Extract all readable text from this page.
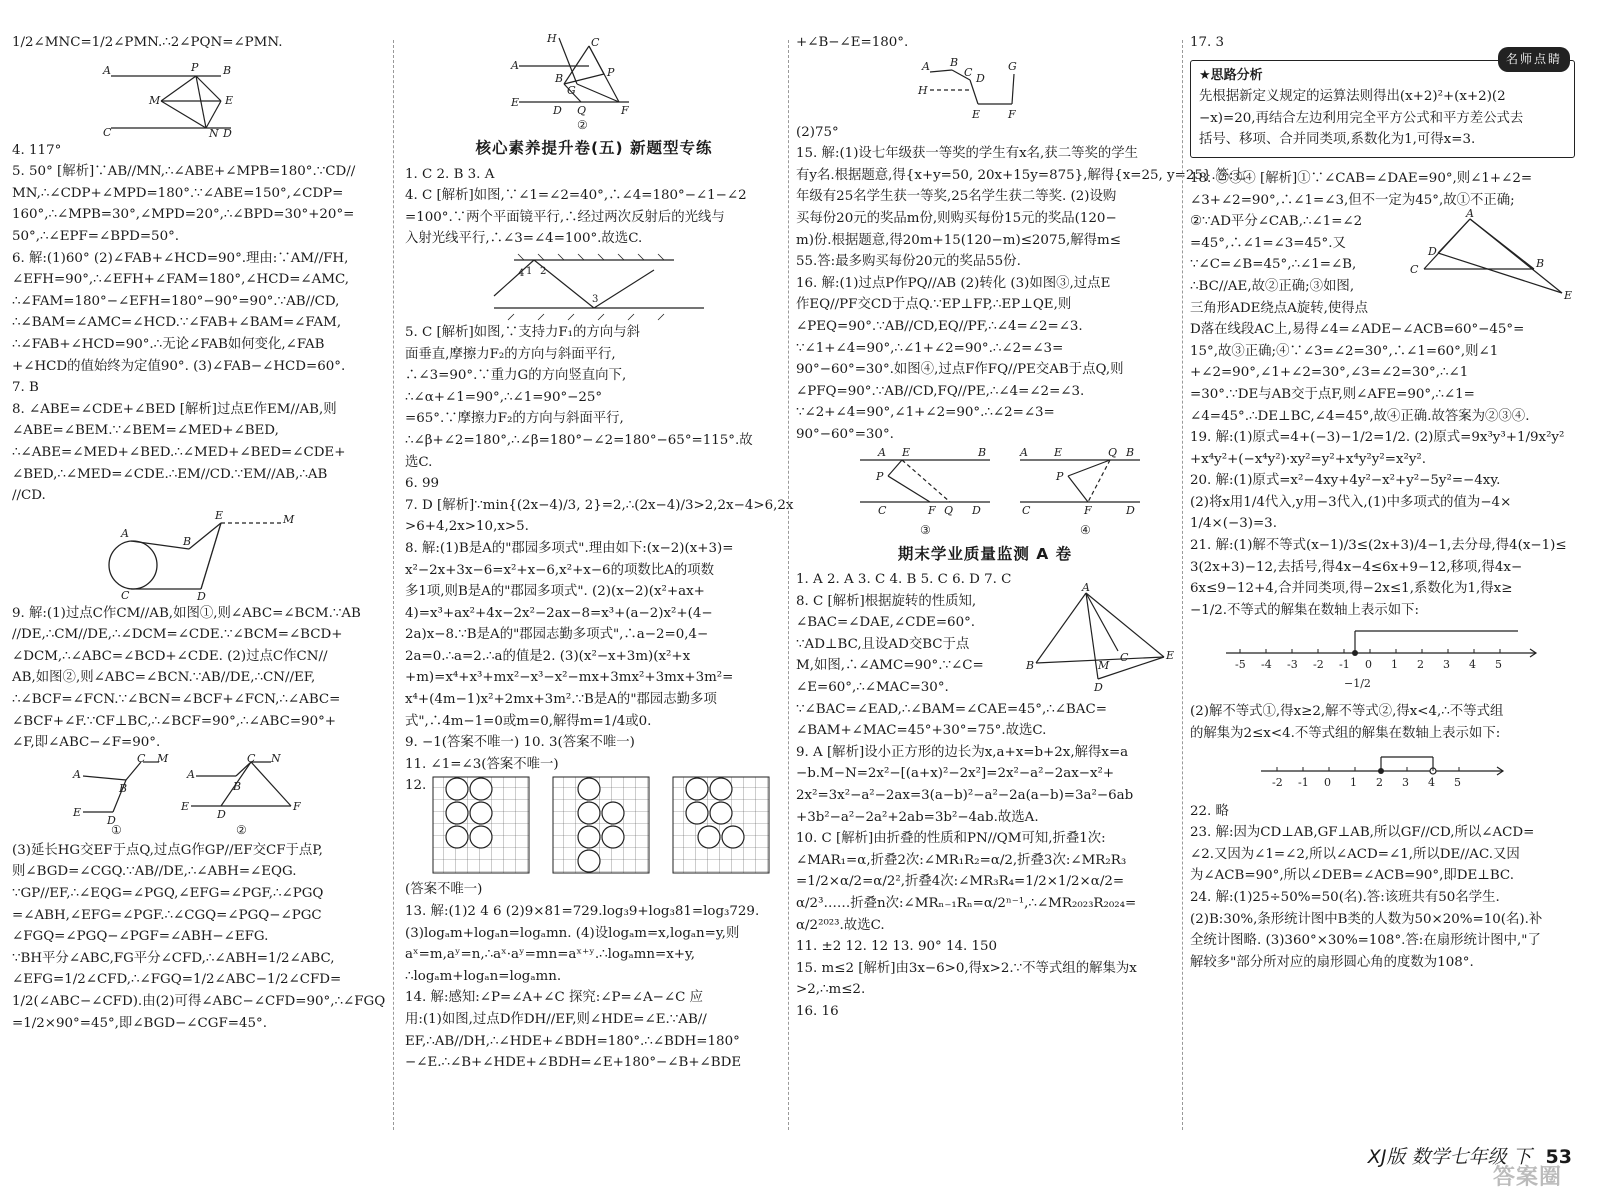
1/2∠MNC=1/2∠PMN.∴2∠PQN=∠PMN.
A	B
P
M	E
C	N D
4. 117°
5. 50° [解析]∵AB//MN,∴∠ABE+∠MPB=180°.∵CD//
MN,∴∠CDP+∠MPD=180°.∵∠ABE=150°,∠CDP=
160°,∴∠MPB=30°,∠MPD=20°,∴∠BPD=30°+20°=
50°,∴∠EPF=∠BPD=50°.
6. 解:(1)60° (2)∠FAB+∠HCD=90°.理由:∵AM//FH,
∠EFH=90°,∴∠EFH+∠FAM=180°,∠HCD=∠AMC,
∴∠FAM=180°−∠EFH=180°−90°=90°.∵AB//CD,
∴∠BAM=∠AMC=∠HCD.∵∠FAB+∠BAM=∠FAM,
∴∠FAB+∠HCD=90°.∴无论∠FAB如何变化,∠FAB
+∠HCD的值始终为定值90°. (3)∠FAB−∠HCD=60°.
7. B
8. ∠ABE=∠CDE+∠BED [解析]过点E作EM//AB,则
∠ABE=∠BEM.∵∠BEM=∠MED+∠BED,
∴∠ABE=∠MED+∠BED.∴∠MED+∠BED=∠CDE+
∠BED,∴∠MED=∠CDE.∴EM//CD.∵EM//AB,∴AB
//CD.
A
B
E	M
C	D
9. 解:(1)过点C作CM//AB,如图①,则∠ABC=∠BCM.∵AB
//DE,∴CM//DE,∴∠DCM=∠CDE.∵∠BCM=∠BCD+
∠DCM,∴∠ABC=∠BCD+∠CDE. (2)过点C作CN//
AB,如图②,则∠ABC=∠BCN.∵AB//DE,∴CN//EF,
∴∠BCF=∠FCN.∵∠BCN=∠BCF+∠FCN,∴∠ABC=
∠BCF+∠F.∵CF⊥BC,∴∠BCF=90°,∴∠ABC=90°+
∠F,即∠ABC−∠F=90°.
A
B
C M
E
D
A
B
C N
E
D
F
①	②
(3)延长HG交EF于点Q,过点G作GP//EF交CF于点P,
则∠BGD=∠CGQ.∵AB//DE,∴∠ABH=∠EQG.
∵GP//EF,∴∠EQG=∠PGQ,∠EFG=∠PGF,∴∠PGQ
=∠ABH,∠EFG=∠PGF.∴∠CGQ=∠PGQ−∠PGC
∠FGQ=∠PGQ−∠PGF=∠ABH−∠EFG.
∵BH平分∠ABC,FG平分∠CFD,∴∠ABH=1/2∠ABC,
∠EFG=1/2∠CFD,∴∠FGQ=1/2∠ABC−1/2∠CFD=
1/2(∠ABC−∠CFD).由(2)可得∠ABC−∠CFD=90°,∴∠FGQ
=1/2×90°=45°,即∠BGD−∠CGF=45°.
H
A
C
B	P
G
E
D Q	F
②
核心素养提升卷(五) 新题型专练
1. C 2. B 3. A
4. C [解析]如图,∵∠1=∠2=40°,∴∠4=180°−∠1−∠2
=100°.∵两个平面镜平行,∴经过两次反射后的光线与
入射光线平行,∴∠3=∠4=100°.故选C.
4 1 2
3
5. C [解析]如图,∵支持力F₁的方向与斜
面垂直,摩擦力F₂的方向与斜面平行,
∴∠3=90°.∵重力G的方向竖直向下,
∴∠α+∠1=90°,∴∠1=90°−25°
=65°.∵摩擦力F₂的方向与斜面平行,
∴∠β+∠2=180°,∴∠β=180°−∠2=180°−65°=115°.故
选C.
6. 99
7. D [解析]∵min{(2x−4)/3, 2}=2,∴(2x−4)/3>2,2x−4>6,2x
>6+4,2x>10,x>5.
8. 解:(1)B是A的"郡园多项式".理由如下:(x−2)(x+3)=
x²−2x+3x−6=x²+x−6,x²+x−6的项数比A的项数
多1项,则B是A的"郡园多项式". (2)(x−2)(x²+ax+
4)=x³+ax²+4x−2x²−2ax−8=x³+(a−2)x²+(4−
2a)x−8.∵B是A的"郡园志勤多项式",∴a−2=0,4−
2a=0.∴a=2.∴a的值是2. (3)(x²−x+3m)(x²+x
+m)=x⁴+x³+mx²−x³−x²−mx+3mx²+3mx+3m²=
x⁴+(4m−1)x²+2mx+3m².∵B是A的"郡园志勤多项
式",∴4m−1=0或m=0,解得m=1/4或0.
9. −1(答案不唯一) 10. 3(答案不唯一)
11. ∠1=∠3(答案不唯一)
12.
(答案不唯一)
13. 解:(1)2 4 6 (2)9×81=729.log₃9+log₃81=log₃729.
(3)logₐm+logₐn=logₐmn. (4)设logₐm=x,logₐn=y,则
aˣ=m,aʸ=n,∴aˣ·aʸ=mn=aˣ⁺ʸ.∴logₐmn=x+y,
∴logₐm+logₐn=logₐmn.
14. 解:感知:∠P=∠A+∠C 探究:∠P=∠A−∠C 应
用:(1)如图,过点D作DH//EF,则∠HDE=∠E.∵AB//
EF,∴AB//DH,∴∠HDE+∠BDH=180°.∴∠BDH=180°
−∠E.∴∠B+∠HDE+∠BDH=∠E+180°−∠B+∠BDE
+∠B−∠E=180°.
A B
C D
G
H
E	F
(2)75°
15. 解:(1)设七年级获一等奖的学生有x名,获二等奖的学生
有y名.根据题意,得{x+y=50, 20x+15y=875},解得{x=25, y=25}.答:七
年级有25名学生获一等奖,25名学生获二等奖. (2)设购
买每份20元的奖品m份,则购买每份15元的奖品(120−
m)份.根据题意,得20m+15(120−m)≤2075,解得m≤
55.答:最多购买每份20元的奖品55份.
16. 解:(1)过点P作PQ//AB (2)转化 (3)如图③,过点E
作EQ//PF交CD于点Q.∵EP⊥FP,∴EP⊥QE,则
∠PEQ=90°.∵AB//CD,EQ//PF,∴∠4=∠2=∠3.
∵∠1+∠4=90°,∴∠1+∠2=90°.∴∠2=∠3=
90°−60°=30°.如图④,过点F作FQ//PE交AB于点Q,则
∠PFQ=90°.∵AB//CD,FQ//PE,∴∠4=∠2=∠3.
∵∠2+∠4=90°,∠1+∠2=90°.∴∠2=∠3=
90°−60°=30°.
A E	B
P
C	F Q D
A E	Q B
P
C	F	D
③	④
期末学业质量监测 A 卷
1. A 2. A 3. C 4. B 5. C 6. D 7. C
8. C [解析]根据旋转的性质知,
∠BAC=∠DAE,∠CDE=60°.
∵AD⊥BC,且设AD交BC于点
M,如图,∴∠AMC=90°.∵∠C=
∠E=60°,∴∠MAC=30°.
A
B
E
M
C
D
∵∠BAC=∠EAD,∴∠BAM=∠CAE=45°,∴∠BAC=
∠BAM+∠MAC=45°+30°=75°.故选C.
9. A [解析]设小正方形的边长为x,a+x=b+2x,解得x=a
−b.M−N=2x²−[(a+x)²−2x²]=2x²−a²−2ax−x²+
2x²=3x²−a²−2ax=3(a−b)²−a²−2a(a−b)=3a²−6ab
+3b²−a²−2a²+2ab=3b²−4ab.故选A.
10. C [解析]由折叠的性质和PN//QM可知,折叠1次:
∠MAR₁=α,折叠2次:∠MR₁R₂=α/2,折叠3次:∠MR₂R₃
=1/2×α/2=α/2²,折叠4次:∠MR₃R₄=1/2×1/2×α/2=
α/2³……折叠n次:∠MRₙ₋₁Rₙ=α/2ⁿ⁻¹,∴∠MR₂₀₂₃R₂₀₂₄=
α/2²⁰²³.故选C.
11. ±2 12. 12 13. 90° 14. 150
15. m≤2 [解析]由3x−6>0,得x>2.∵不等式组的解集为x
>2,∴m≤2.
16. 16
17. 3
名师点睛
★思路分析
先根据新定义规定的运算法则得出(x+2)²+(x+2)(2
−x)=20,再结合左边利用完全平方公式和平方差公式去
括号、移项、合并同类项,系数化为1,可得x=3.
18. ②③④ [解析]①∵∠CAB=∠DAE=90°,则∠1+∠2=
∠3+∠2=90°,∴∠1=∠3,但不一定为45°,故①不正确;
②∵AD平分∠CAB,∴∠1=∠2
=45°,∴∠1=∠3=45°.又
∵∠C=∠B=45°,∴∠1=∠B,
∴BC//AE,故②正确;③如图,
三角形ADE绕点A旋转,使得点
A
C
D
B
E
D落在线段AC上,易得∠4=∠ADE−∠ACB=60°−45°=
15°,故③正确;④∵∠3=∠2=30°,∴∠1=60°,则∠1
+∠2=90°,∠1+∠2=30°,∠3=∠2=30°,∴∠1
=30°.∵DE与AB交于点F,则∠AFE=90°,∴∠1=
∠4=45°.∴DE⊥BC,∠4=45°,故④正确.故答案为②③④.
19. 解:(1)原式=4+(−3)−1/2=1/2. (2)原式=9x³y³+1/9x²y²
+x⁴y²+(−x⁴y²)·xy²=y²+x⁴y²y²=x²y².
20. 解:(1)原式=x²−4xy+4y²−x²+y²−5y²=−4xy.
(2)将x用1/4代入,y用−3代入,(1)中多项式的值为−4×
1/4×(−3)=3.
21. 解:(1)解不等式(x−1)/3≤(2x+3)/4−1,去分母,得4(x−1)≤
3(2x+3)−12,去括号,得4x−4≤6x+9−12,移项,得4x−
6x≤9−12+4,合并同类项,得−2x≤1,系数化为1,得x≥
−1/2.不等式的解集在数轴上表示如下:
-5 -4 -3 -2 -1 0 1 2 3 4 5
−1/2
(2)解不等式①,得x≥2,解不等式②,得x<4,∴不等式组
的解集为2≤x<4.不等式组的解集在数轴上表示如下:
-2 -1 0 1 2 3 4 5
22. 略
23. 解:因为CD⊥AB,GF⊥AB,所以GF//CD,所以∠ACD=
∠2.又因为∠1=∠2,所以∠ACD=∠1,所以DE//AC.又因
为∠ACB=90°,所以∠DEB=∠ACB=90°,即DE⊥BC.
24. 解:(1)25÷50%=50(名).答:该班共有50名学生.
(2)B:30%,条形统计图中B类的人数为50×20%=10(名).补
全统计图略. (3)360°×30%=108°.答:在扇形统计图中,"了
解较多"部分所对应的扇形圆心角的度数为108°.
XJ版 数学七年级 下 53
答案圈
